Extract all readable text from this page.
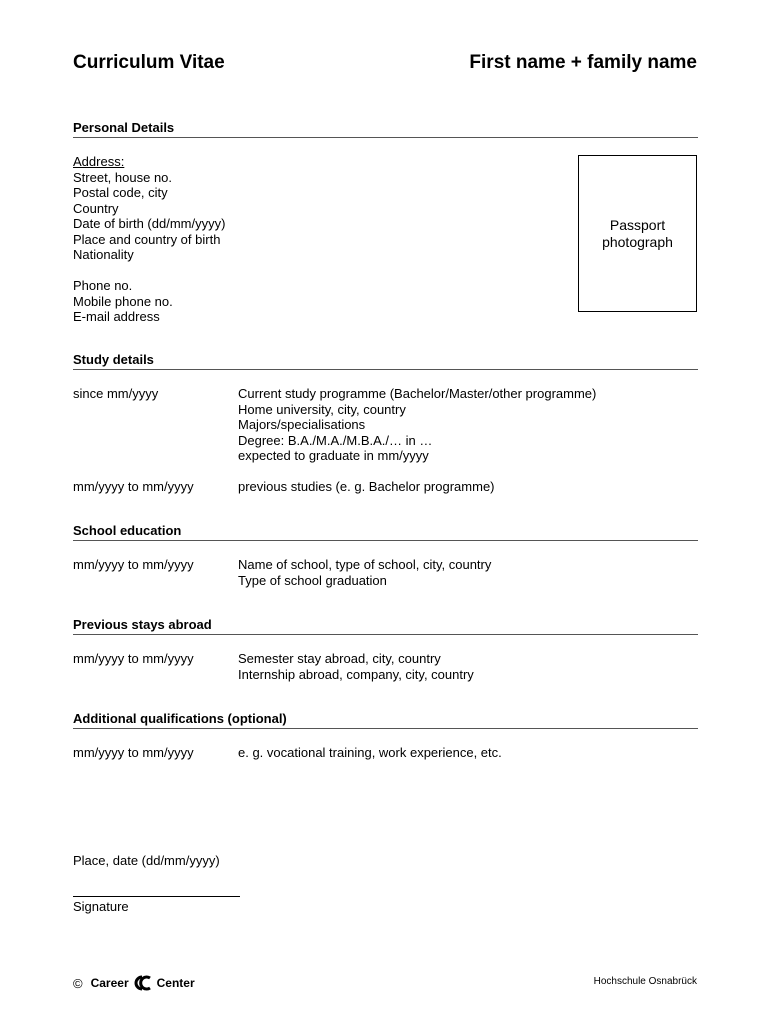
Curriculum Vitae	First name + family name
Personal Details
Address:
Street, house no.
Postal code, city
Country
Date of birth (dd/mm/yyyy)
Place and country of birth
Nationality
Phone no.
Mobile phone no.
E-mail address
Passport
photograph
Study details
since mm/yyyy	Current study programme (Bachelor/Master/other programme)
Home university, city, country
Majors/specialisations
Degree: B.A./M.A./M.B.A./… in …
expected to graduate in mm/yyyy
mm/yyyy to mm/yyyy	previous studies (e. g. Bachelor programme)
School education
mm/yyyy to mm/yyyy	Name of school, type of school, city, country
Type of school graduation
Previous stays abroad
mm/yyyy to mm/yyyy	Semester stay abroad, city, country
Internship abroad, company, city, country
Additional qualifications (optional)
mm/yyyy to mm/yyyy	e. g. vocational training, work experience, etc.
Place, date (dd/mm/yyyy)
Signature
© Career Center	Hochschule Osnabrück
